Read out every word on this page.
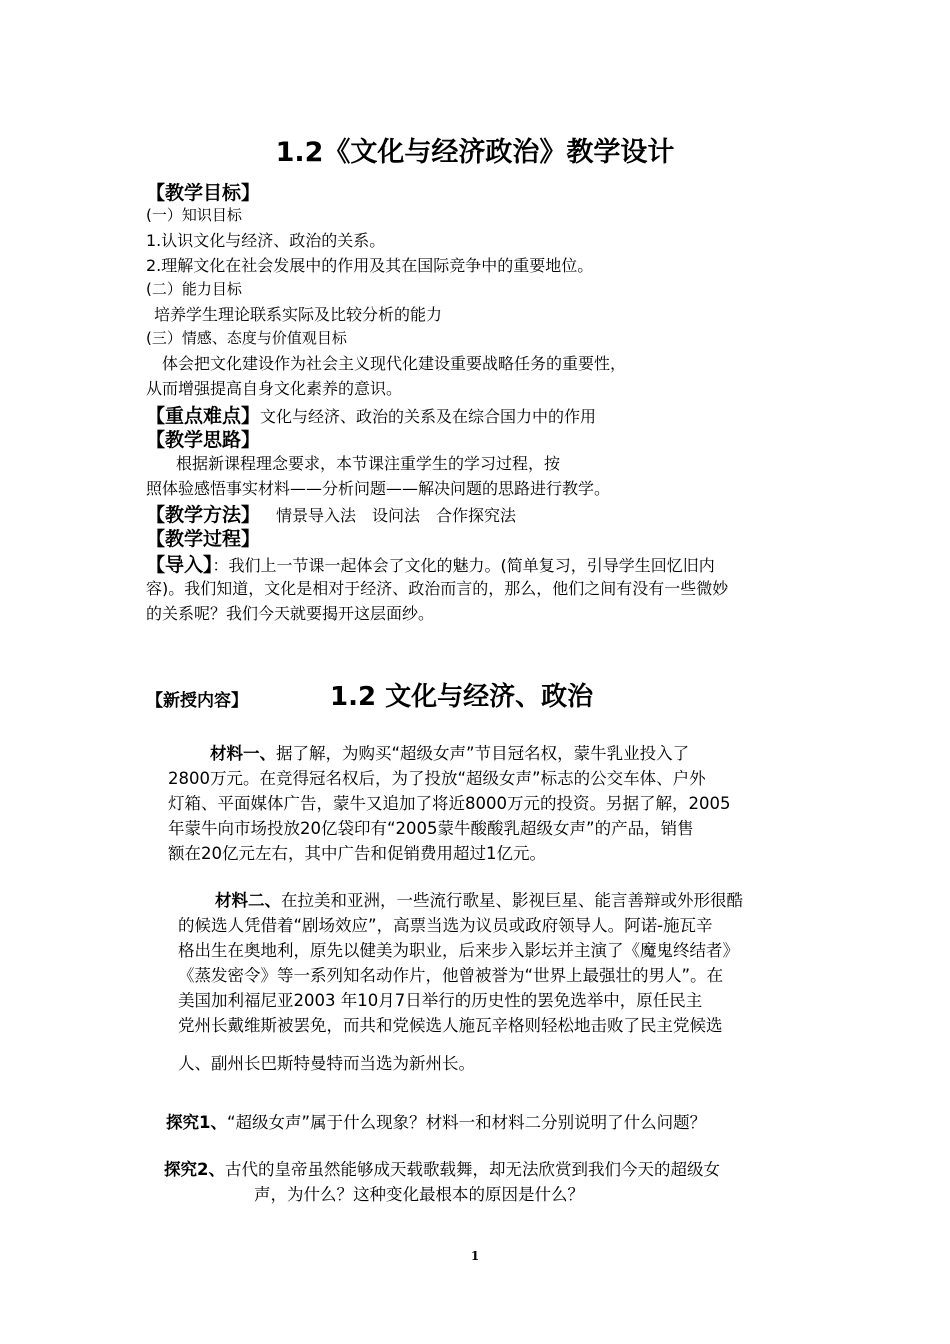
1.2《文化与经济政治》教学设计
【教学目标】
(一）知识目标
1.认识文化与经济、政治的关系。
2.理解文化在社会发展中的作用及其在国际竞争中的重要地位。
(二）能力目标
培养学生理论联系实际及比较分析的能力
(三）情感、态度与价值观目标
体会把文化建设作为社会主义现代化建设重要战略任务的重要性，
从而增强提高自身文化素养的意识。
【重点难点】文化与经济、政治的关系及在综合国力中的作用
【教学思路】
根据新课程理念要求，本节课注重学生的学习过程，按
照体验感悟事实材料——分析问题——解决问题的思路进行教学。
【教学方法】 情景导入法　设问法　合作探究法
【教学过程】
【导入】：我们上一节课一起体会了文化的魅力。(简单复习，引导学生回忆旧内
容)。我们知道，文化是相对于经济、政治而言的，那么，他们之间有没有一些微妙
的关系呢？我们今天就要揭开这层面纱。
【新授内容】	1.2 文化与经济、政治
材料一、据了解，为购买“超级女声”节目冠名权，蒙牛乳业投入了
2800万元。在竞得冠名权后，为了投放“超级女声”标志的公交车体、户外
灯箱、平面媒体广告，蒙牛又追加了将近8000万元的投资。另据了解，2005
年蒙牛向市场投放20亿袋印有“2005蒙牛酸酸乳超级女声”的产品，销售
额在20亿元左右，其中广告和促销费用超过1亿元。
材料二、在拉美和亚洲，一些流行歌星、影视巨星、能言善辩或外形很酷
的候选人凭借着“剧场效应”，高票当选为议员或政府领导人。阿诺-施瓦辛
格出生在奥地利，原先以健美为职业，后来步入影坛并主演了《魔鬼终结者》
《蒸发密令》等一系列知名动作片，他曾被誉为“世界上最强壮的男人”。在
美国加利福尼亚2003 年10月7日举行的历史性的罢免选举中，原任民主
党州长戴维斯被罢免，而共和党候选人施瓦辛格则轻松地击败了民主党候选
人、副州长巴斯特曼特而当选为新州长。
探究1、“超级女声”属于什么现象？材料一和材料二分别说明了什么问题？
探究2、古代的皇帝虽然能够成天载歌载舞，却无法欣赏到我们今天的超级女
声，为什么？这种变化最根本的原因是什么？
1
